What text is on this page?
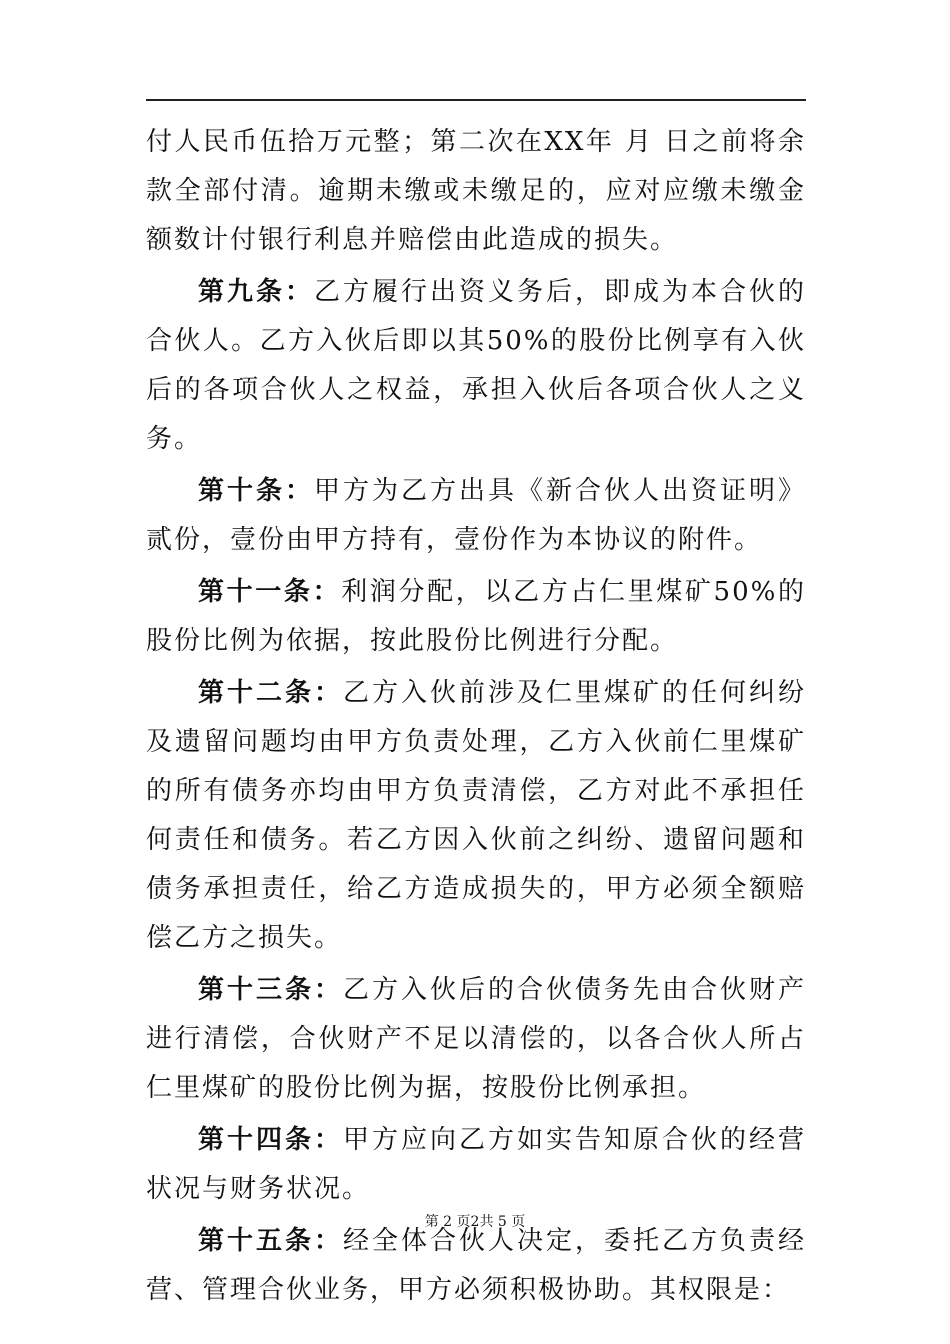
付人民币伍拾万元整；第二次在XX年 月 日之前将余款全部付清。逾期未缴或未缴足的，应对应缴未缴金额数计付银行利息并赔偿由此造成的损失。

第九条：乙方履行出资义务后，即成为本合伙的合伙人。乙方入伙后即以其50%的股份比例享有入伙后的各项合伙人之权益，承担入伙后各项合伙人之义务。

第十条：甲方为乙方出具《新合伙人出资证明》贰份，壹份由甲方持有，壹份作为本协议的附件。

第十一条：利润分配，以乙方占仁里煤矿50%的股份比例为依据，按此股份比例进行分配。

第十二条：乙方入伙前涉及仁里煤矿的任何纠纷及遗留问题均由甲方负责处理，乙方入伙前仁里煤矿的所有债务亦均由甲方负责清偿，乙方对此不承担任何责任和债务。若乙方因入伙前之纠纷、遗留问题和债务承担责任，给乙方造成损失的，甲方必须全额赔偿乙方之损失。

第十三条：乙方入伙后的合伙债务先由合伙财产进行清偿，合伙财产不足以清偿的，以各合伙人所占仁里煤矿的股份比例为据，按股份比例承担。

第十四条：甲方应向乙方如实告知原合伙的经营状况与财务状况。

第十五条：经全体合伙人决定，委托乙方负责经营、管理合伙业务，甲方必须积极协助。其权限是：

第 2 页2共 5 页
